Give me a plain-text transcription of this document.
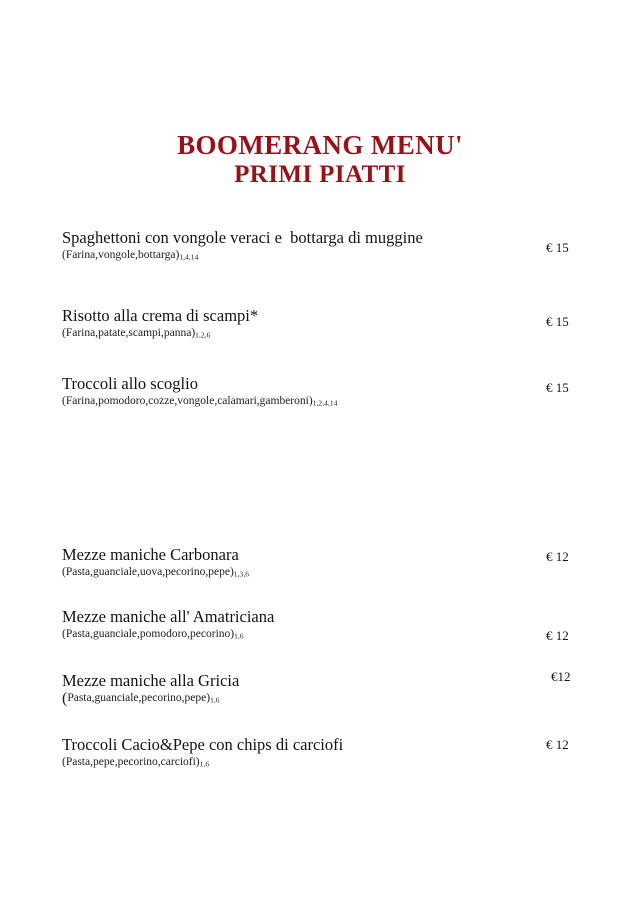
BOOMERANG MENU'
PRIMI PIATTI
Spaghettoni con vongole veraci e  bottarga di muggine
(Farina,vongole,bottarga)1,4,14
€ 15
Risotto alla crema di scampi*
(Farina,patate,scampi,panna)1,2,6
€ 15
Troccoli allo scoglio
(Farina,pomodoro,cozze,vongole,calamari,gamberoni)1,2,4,14
€ 15
Mezze maniche Carbonara
(Pasta,guanciale,uova,pecorino,pepe)1,3,6
€ 12
Mezze maniche all' Amatriciana
(Pasta,guanciale,pomodoro,pecorino)1,6	€ 12
Mezze maniche alla Gricia
(Pasta,guanciale,pecorino,pepe)1,6
€12
Troccoli Cacio&Pepe con chips di carciofi
(Pasta,pepe,pecorino,carciofi)1,6
€ 12
